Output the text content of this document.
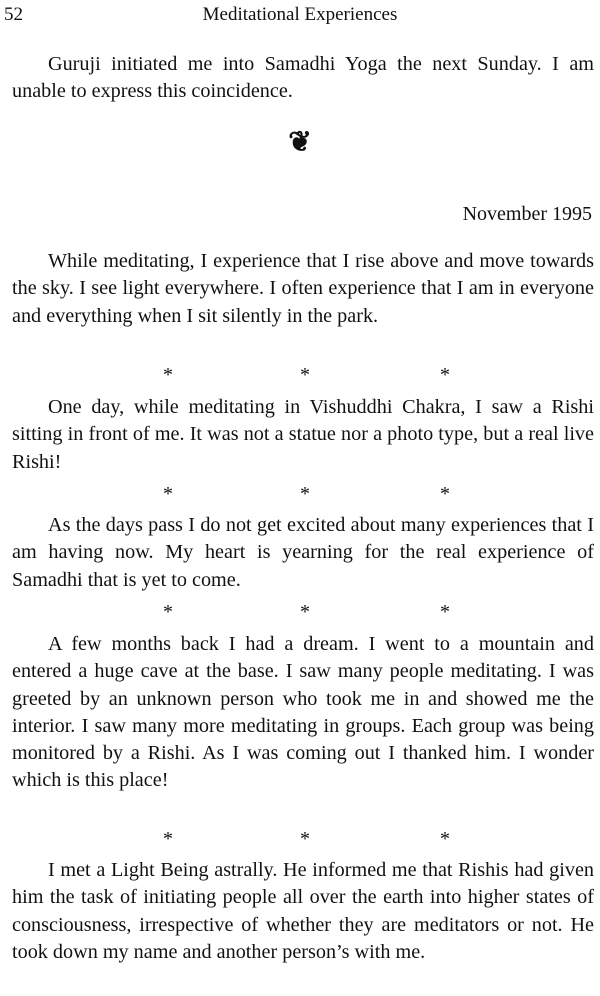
52	Meditational Experiences

Guruji initiated me into Samadhi Yoga the next Sunday. I am unable to express this coincidence.

❦
November 1995

While meditating, I experience that I rise above and move towards the sky. I see light everywhere. I often experience that I am in everyone and everything when I sit silently in the park.

*	*	*

One day, while meditating in Vishuddhi Chakra, I saw a Rishi sitting in front of me. It was not a statue nor a photo type, but a real live Rishi!

*	*	*

As the days pass I do not get excited about many experiences that I am having now. My heart is yearning for the real experience of Samadhi that is yet to come.

*	*	*

A few months back I had a dream. I went to a mountain and entered a huge cave at the base. I saw many people meditating. I was greeted by an unknown person who took me in and showed me the interior. I saw many more meditating in groups. Each group was being monitored by a Rishi. As I was coming out I thanked him. I wonder which is this place!

*	*	*

I met a Light Being astrally. He informed me that Rishis had given him the task of initiating people all over the earth into higher states of consciousness, irrespective of whether they are meditators or not. He took down my name and another person’s with me.
